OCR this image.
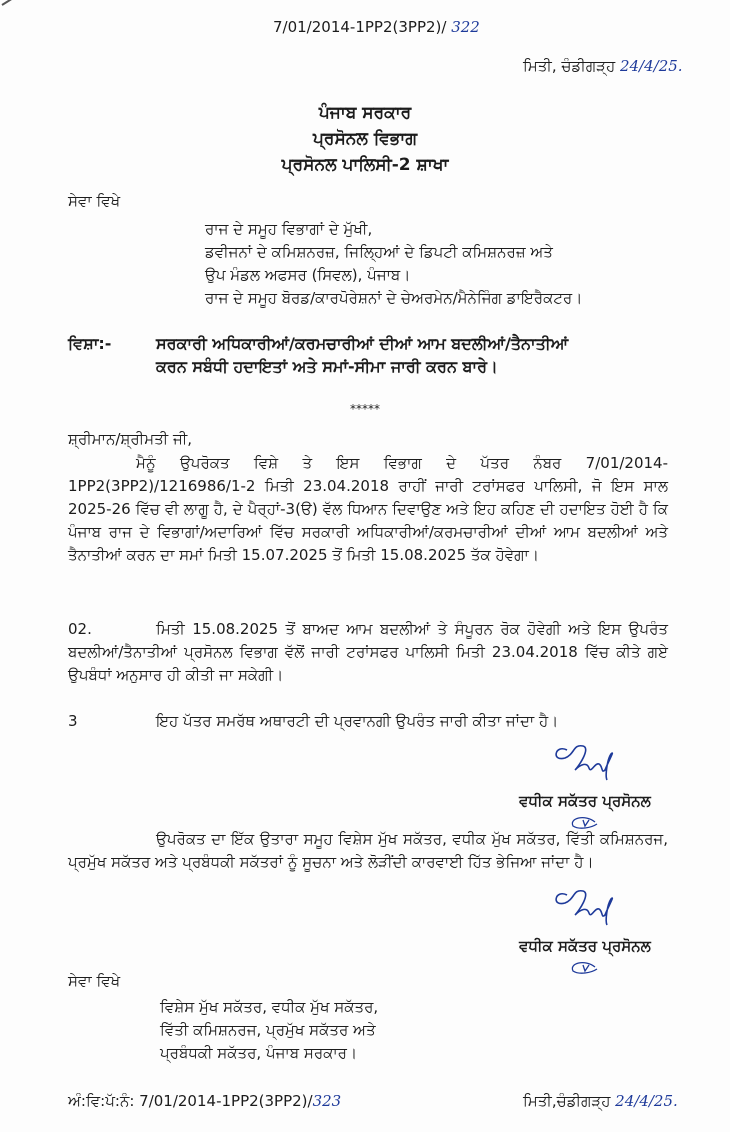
7/01/2014-1PP2(3PP2)/ 322
ਮਿਤੀ, ਚੰਡੀਗੜ੍ਹ 24/4/25.
ਪੰਜਾਬ ਸਰਕਾਰ
ਪ੍ਰਸੋਨਲ ਵਿਭਾਗ
ਪ੍ਰਸੋਨਲ ਪਾਲਿਸੀ-2 ਸ਼ਾਖਾ
ਸੇਵਾ ਵਿਖੇ
ਰਾਜ ਦੇ ਸਮੂਹ ਵਿਭਾਗਾਂ ਦੇ ਮੁੱਖੀ,
ਡਵੀਜਨਾਂ ਦੇ ਕਮਿਸ਼ਨਰਜ਼, ਜਿਲ੍ਹਿਆਂ ਦੇ ਡਿਪਟੀ ਕਮਿਸ਼ਨਰਜ਼ ਅਤੇ
ਉਪ ਮੰਡਲ ਅਫਸਰ (ਸਿਵਲ), ਪੰਜਾਬ।
ਰਾਜ ਦੇ ਸਮੂਹ ਬੋਰਡ/ਕਾਰਪੋਰੇਸ਼ਨਾਂ ਦੇ ਚੇਅਰਮੇਨ/ਮੈਨੇਜਿੰਗ ਡਾਇਰੈਕਟਰ।
ਵਿਸ਼ਾ:-	ਸਰਕਾਰੀ ਅਧਿਕਾਰੀਆਂ/ਕਰਮਚਾਰੀਆਂ ਦੀਆਂ ਆਮ ਬਦਲੀਆਂ/ਤੈਨਾਤੀਆਂ
ਕਰਨ ਸਬੰਧੀ ਹਦਾਇਤਾਂ ਅਤੇ ਸਮਾਂ-ਸੀਮਾ ਜਾਰੀ ਕਰਨ ਬਾਰੇ।
*****
ਸ਼੍ਰੀਮਾਨ/ਸ਼੍ਰੀਮਤੀ ਜੀ,
ਮੈਨੂੰ ਉਪਰੋਕਤ ਵਿਸ਼ੇ ਤੇ ਇਸ ਵਿਭਾਗ ਦੇ ਪੱਤਰ ਨੰਬਰ 7/01/2014-1PP2(3PP2)/1216986/1-2 ਮਿਤੀ 23.04.2018 ਰਾਹੀਂ ਜਾਰੀ ਟਰਾਂਸਫਰ ਪਾਲਿਸੀ, ਜੋ ਇਸ ਸਾਲ 2025-26 ਵਿੱਚ ਵੀ ਲਾਗੂ ਹੈ, ਦੇ ਪੈਰ੍ਹਾਂ-3(ੳ) ਵੱਲ ਧਿਆਨ ਦਿਵਾਉਣ ਅਤੇ ਇਹ ਕਹਿਣ ਦੀ ਹਦਾਇਤ ਹੋਈ ਹੈ ਕਿ ਪੰਜਾਬ ਰਾਜ ਦੇ ਵਿਭਾਗਾਂ/ਅਦਾਰਿਆਂ ਵਿੱਚ ਸਰਕਾਰੀ ਅਧਿਕਾਰੀਆਂ/ਕਰਮਚਾਰੀਆਂ ਦੀਆਂ ਆਮ ਬਦਲੀਆਂ ਅਤੇ ਤੈਨਾਤੀਆਂ ਕਰਨ ਦਾ ਸਮਾਂ ਮਿਤੀ 15.07.2025 ਤੋਂ ਮਿਤੀ 15.08.2025 ਤੱਕ ਹੋਵੇਗਾ।
02.	ਮਿਤੀ 15.08.2025 ਤੋਂ ਬਾਅਦ ਆਮ ਬਦਲੀਆਂ ਤੇ ਸੰਪੂਰਨ ਰੋਕ ਹੋਵੇਗੀ ਅਤੇ ਇਸ ਉਪਰੰਤ ਬਦਲੀਆਂ/ਤੈਨਾਤੀਆਂ ਪ੍ਰਸੋਨਲ ਵਿਭਾਗ ਵੱਲੋਂ ਜਾਰੀ ਟਰਾਂਸਫਰ ਪਾਲਿਸੀ ਮਿਤੀ 23.04.2018 ਵਿੱਚ ਕੀਤੇ ਗਏ ਉਪਬੰਧਾਂ ਅਨੁਸਾਰ ਹੀ ਕੀਤੀ ਜਾ ਸਕੇਗੀ।
3	ਇਹ ਪੱਤਰ ਸਮਰੱਥ ਅਥਾਰਟੀ ਦੀ ਪ੍ਰਵਾਨਗੀ ਉਪਰੰਤ ਜਾਰੀ ਕੀਤਾ ਜਾਂਦਾ ਹੈ।
ਵਧੀਕ ਸਕੱਤਰ ਪ੍ਰਸੋਨਲ
ਉਪਰੋਕਤ ਦਾ ਇੱਕ ਉਤਾਰਾ ਸਮੂਹ ਵਿਸ਼ੇਸ ਮੁੱਖ ਸਕੱਤਰ, ਵਧੀਕ ਮੁੱਖ ਸਕੱਤਰ, ਵਿੱਤੀ ਕਮਿਸ਼ਨਰਜ, ਪ੍ਰਮੁੱਖ ਸਕੱਤਰ ਅਤੇ ਪ੍ਰਬੰਧਕੀ ਸਕੱਤਰਾਂ ਨੂੰ ਸੂਚਨਾ ਅਤੇ ਲੋੜੀਂਦੀ ਕਾਰਵਾਈ ਹਿੱਤ ਭੇਜਿਆ ਜਾਂਦਾ ਹੈ।
ਵਧੀਕ ਸਕੱਤਰ ਪ੍ਰਸੋਨਲ
ਸੇਵਾ ਵਿਖੇ
ਵਿਸ਼ੇਸ ਮੁੱਖ ਸਕੱਤਰ, ਵਧੀਕ ਮੁੱਖ ਸਕੱਤਰ,
ਵਿੱਤੀ ਕਮਿਸ਼ਨਰਜ, ਪ੍ਰਮੁੱਖ ਸਕੱਤਰ ਅਤੇ
ਪ੍ਰਬੰਧਕੀ ਸਕੱਤਰ, ਪੰਜਾਬ ਸਰਕਾਰ।
ਅੰ:ਵਿ:ਪੱ:ਨੰ: 7/01/2014-1PP2(3PP2)/323	ਮਿਤੀ,ਚੰਡੀਗੜ੍ਹ 24/4/25.
